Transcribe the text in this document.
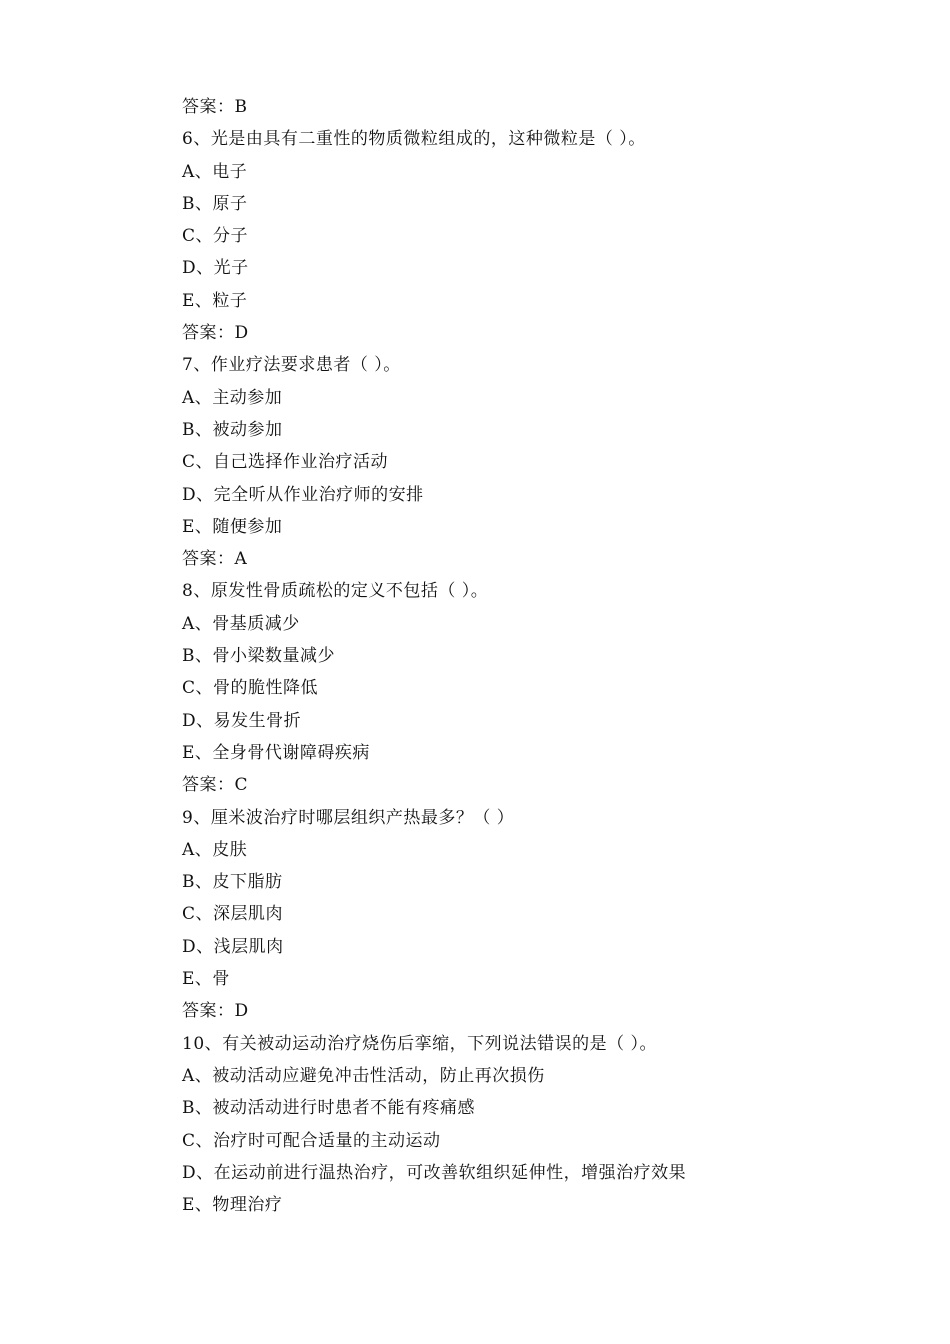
答案：B
6、光是由具有二重性的物质微粒组成的，这种微粒是（ ）。
A、电子
B、原子
C、分子
D、光子
E、粒子
答案：D
7、作业疗法要求患者（ ）。
A、主动参加
B、被动参加
C、自己选择作业治疗活动
D、完全听从作业治疗师的安排
E、随便参加
答案：A
8、原发性骨质疏松的定义不包括（ ）。
A、骨基质减少
B、骨小梁数量减少
C、骨的脆性降低
D、易发生骨折
E、全身骨代谢障碍疾病
答案：C
9、厘米波治疗时哪层组织产热最多？（ ）
A、皮肤
B、皮下脂肪
C、深层肌肉
D、浅层肌肉
E、骨
答案：D
10、有关被动运动治疗烧伤后挛缩，下列说法错误的是（ ）。
A、被动活动应避免冲击性活动，防止再次损伤
B、被动活动进行时患者不能有疼痛感
C、治疗时可配合适量的主动运动
D、在运动前进行温热治疗，可改善软组织延伸性，增强治疗效果
E、物理治疗
